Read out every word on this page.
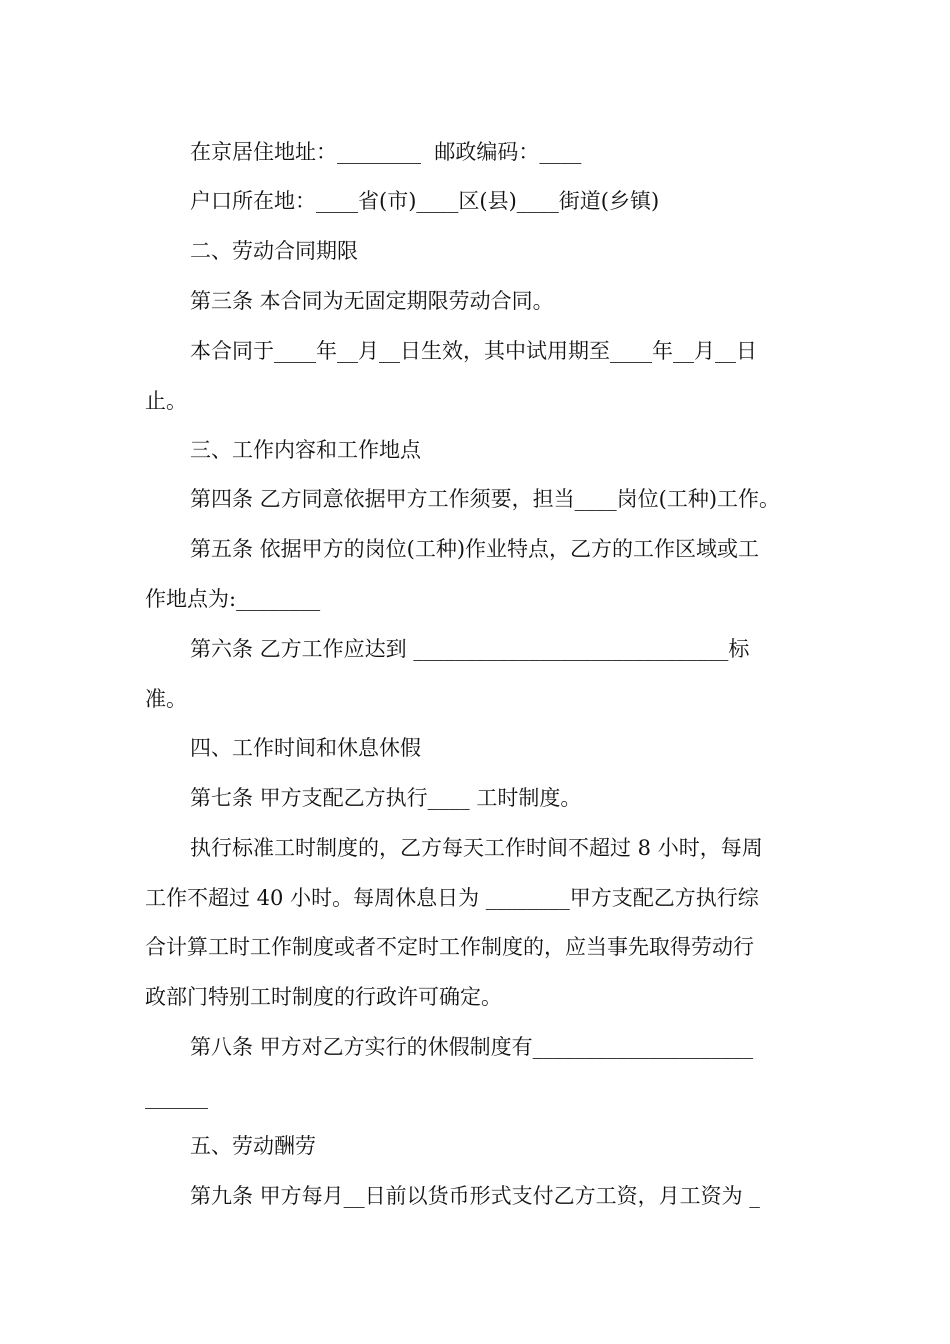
在京居住地址：________  邮政编码：____
户口所在地：____省(市)____区(县)____街道(乡镇)
二、劳动合同期限
第三条 本合同为无固定期限劳动合同。
本合同于____年__月__日生效，其中试用期至____年__月__日
止。
三、工作内容和工作地点
第四条 乙方同意依据甲方工作须要，担当____岗位(工种)工作。
第五条 依据甲方的岗位(工种)作业特点，乙方的工作区域或工
作地点为:________
第六条 乙方工作应达到 ______________________________标
准。
四、工作时间和休息休假
第七条 甲方支配乙方执行____ 工时制度。
执行标准工时制度的，乙方每天工作时间不超过 8 小时，每周
工作不超过 40 小时。每周休息日为 ________甲方支配乙方执行综
合计算工时工作制度或者不定时工作制度的，应当事先取得劳动行
政部门特别工时制度的行政许可确定。
第八条 甲方对乙方实行的休假制度有_____________________
______
五、劳动酬劳
第九条 甲方每月__日前以货币形式支付乙方工资，月工资为 _
